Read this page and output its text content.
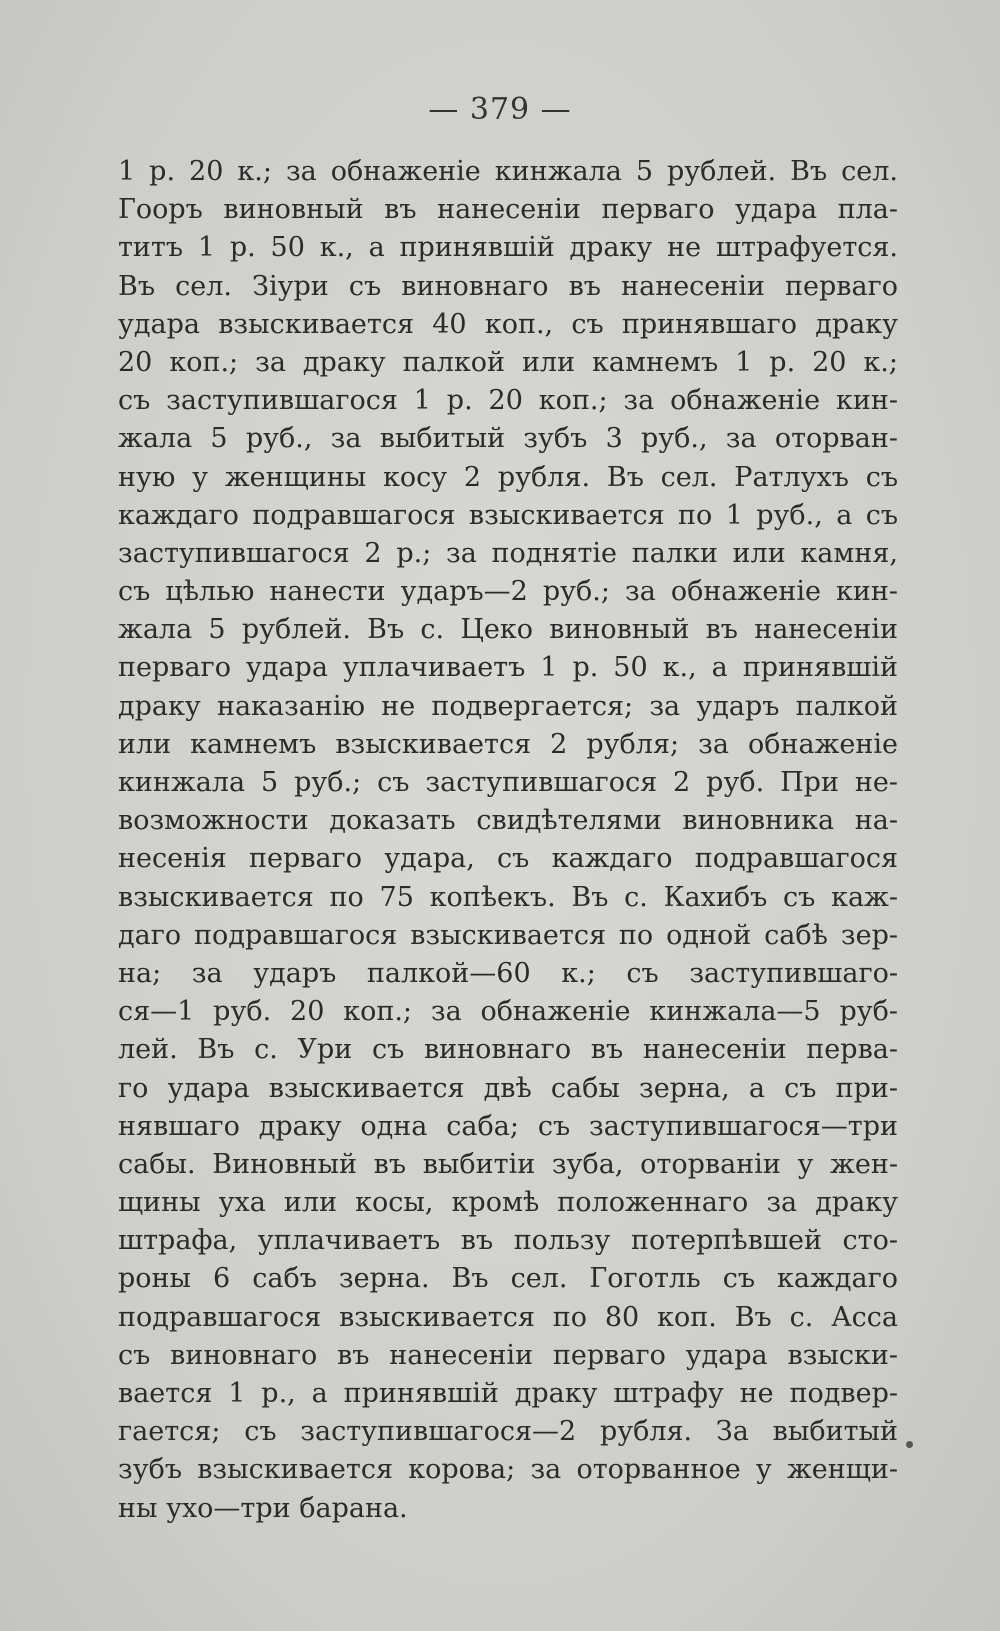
— 379 —
1 р. 20 к.; за обнаженіе кинжала 5 рублей. Въ сел.
Гооръ виновный въ нанесеніи перваго удара пла-
титъ 1 р. 50 к., а принявшій драку не штрафуется.
Въ сел. Зіури съ виновнаго въ нанесеніи перваго
удара взыскивается 40 коп., съ принявшаго драку
20 коп.; за драку палкой или камнемъ 1 р. 20 к.;
съ заступившагося 1 р. 20 коп.; за обнаженіе кин-
жала 5 руб., за выбитый зубъ 3 руб., за оторван-
ную у женщины косу 2 рубля. Въ сел. Ратлухъ съ
каждаго подравшагося взыскивается по 1 руб., а съ
заступившагося 2 р.; за поднятіе палки или камня,
съ цѣлью нанести ударъ—2 руб.; за обнаженіе кин-
жала 5 рублей. Въ с. Цеко виновный въ нанесеніи
перваго удара уплачиваетъ 1 р. 50 к., а принявшій
драку наказанію не подвергается; за ударъ палкой
или камнемъ взыскивается 2 рубля; за обнаженіе
кинжала 5 руб.; съ заступившагося 2 руб. При не-
возможности доказать свидѣтелями виновника на-
несенія перваго удара, съ каждаго подравшагося
взыскивается по 75 копѣекъ. Въ с. Кахибъ съ каж-
даго подравшагося взыскивается по одной сабѣ зер-
на; за ударъ палкой—60 к.; съ заступившаго-
ся—1 руб. 20 коп.; за обнаженіе кинжала—5 руб-
лей. Въ с. Ури съ виновнаго въ нанесеніи перва-
го удара взыскивается двѣ сабы зерна, а съ при-
нявшаго драку одна саба; съ заступившагося—три
сабы. Виновный въ выбитіи зуба, оторваніи у жен-
щины уха или косы, кромѣ положеннаго за драку
штрафа, уплачиваетъ въ пользу потерпѣвшей сто-
роны 6 сабъ зерна. Въ сел. Гоготль съ каждаго
подравшагося взыскивается по 80 коп. Въ с. Асса
съ виновнаго въ нанесеніи перваго удара взыски-
вается 1 р., а принявшій драку штрафу не подвер-
гается; съ заступившагося—2 рубля. За выбитый
зубъ взыскивается корова; за оторванное у женщи-
ны ухо—три барана.
